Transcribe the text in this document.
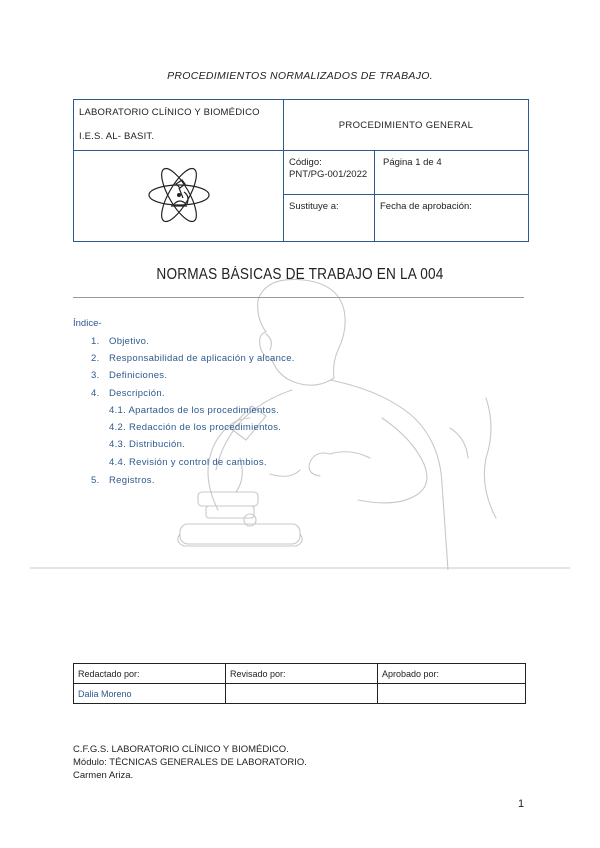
PROCEDIMIENTOS NORMALIZADOS DE TRABAJO.
LABORATORIO CLÍNICO Y BIOMÉDICO
I.E.S. AL- BASIT.	PROCEDIMIENTO GENERAL	

Código:
PNT/PG-001/2022	Página 1 de 4

	Sustituye a:	Fecha de aprobación:
NORMAS BÁSICAS DE TRABAJO EN LA 004
Índice-
1. Objetivo.
2. Responsabilidad de aplicación y alcance.
3. Definiciones.
4. Descripción.
4.1. Apartados de los procedimientos.
4.2. Redacción de los procedimientos.
4.3. Distribución.
4.4. Revisión y control de cambios.
5. Registros.
Redactado por:	Revisado por:	Aprobado por:
Dalia Moreno		
C.F.G.S. LABORATORIO CLÍNICO Y BIOMÉDICO.
Módulo: TÉCNICAS GENERALES DE LABORATORIO.
Carmen Ariza.
1
